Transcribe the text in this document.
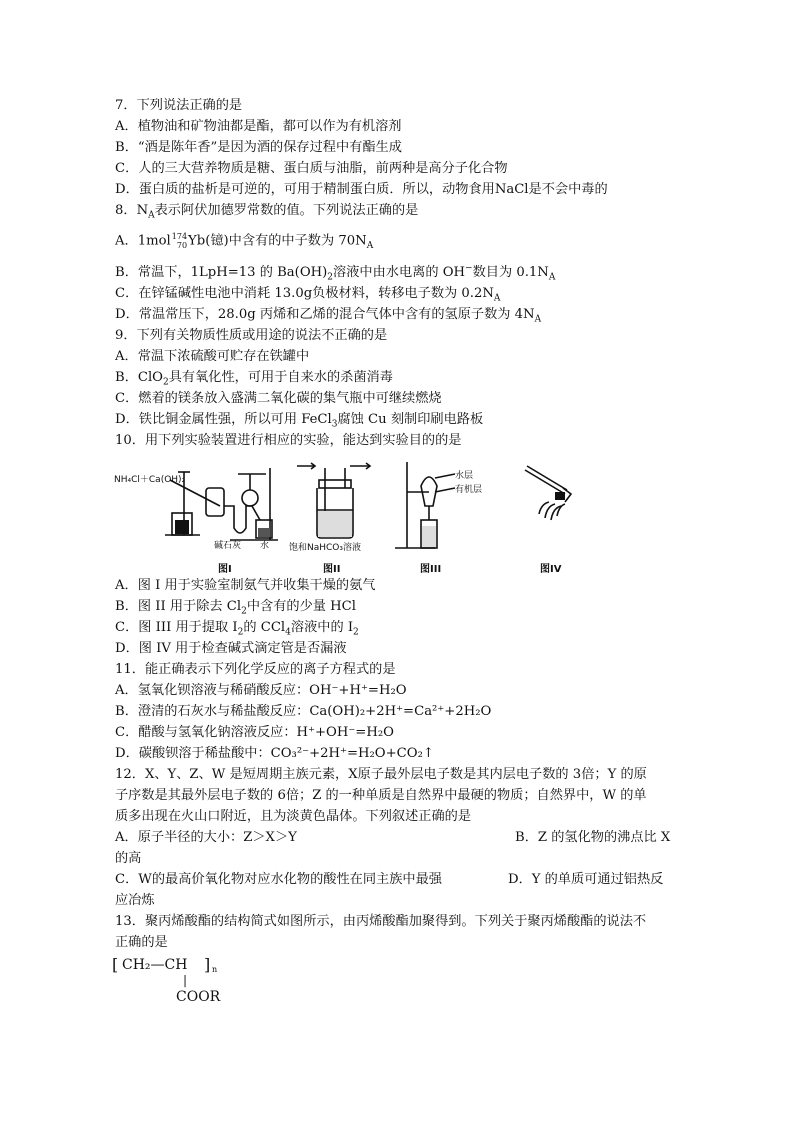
7．下列说法正确的是
A．植物油和矿物油都是酯，都可以作为有机溶剂
B．“酒是陈年香”是因为酒的保存过程中有酯生成
C．人的三大营养物质是糖、蛋白质与油脂，前两种是高分子化合物
D．蛋白质的盐析是可逆的，可用于精制蛋白质．所以，动物食用NaCl是不会中毒的
8．$N_A$表示阿伏加德罗常数的值。下列说法正确的是
A．1mol 174
70 Yb(镱)中含有的中子数为 $70N_A$
B．常温下，1LpH=13 的 $Ba(OH)_2$溶液中由水电离的 OH−数目为 $0.1N_A$
C．在锌锰碱性电池中消耗 13.0g负极材料，转移电子数为 $0.2N_A$
D．常温常压下，28.0g 丙烯和乙烯的混合气体中含有的氢原子数为 $4N_A$
9．下列有关物质性质或用途的说法不正确的是
A．常温下浓硫酸可贮存在铁罐中
B．ClO$_2$具有氧化性，可用于自来水的杀菌消毒
C．燃着的镁条放入盛满二氧化碳的集气瓶中可继续燃烧
D．铁比铜金属性强，所以可用 FeCl$_3$腐蚀 Cu 刻制印刷电路板
10．用下列实验装置进行相应的实验，能达到实验目的的是
NH₄Cl＋Ca(OH)₂
碱石灰 水
图I
饱和NaHCO₃溶液
图II
水层
有机层
图III	图IV
A．图 I 用于实验室制氨气并收集干燥的氨气
B．图 II 用于除去 $Cl_2$中含有的少量 HCl
C．图 III 用于提取 $I_2$的 CCl$_4$溶液中的 $I_2$
D．图 IV 用于检查碱式滴定管是否漏液
11．能正确表示下列化学反应的离子方程式的是
A．氢氧化钡溶液与稀硝酸反应：OH⁻+H⁺=H₂O
B．澄清的石灰水与稀盐酸反应：Ca(OH)₂+2H⁺=Ca²⁺+2H₂O
C．醋酸与氢氧化钠溶液反应：H⁺+OH⁻=H₂O
D．碳酸钡溶于稀盐酸中：CO₃²⁻+2H⁺=H₂O+CO₂↑
12．X、Y、Z、W 是短周期主族元素，X原子最外层电子数是其内层电子数的 3倍；Y 的原
子序数是其最外层电子数的 6倍；Z 的一种单质是自然界中最硬的物质；自然界中，W 的单
质多出现在火山口附近，且为淡黄色晶体。下列叙述正确的是
A．原子半径的大小：Z＞X＞Y	B．Z 的氢化物的沸点比 X
的高
C．W的最高价氧化物对应水化物的酸性在同主族中最强	D．Y 的单质可通过铝热反
应冶炼
13．聚丙烯酸酯的结构简式如图所示，由丙烯酸酯加聚得到。下列关于聚丙烯酸酯的说法不
正确的是
[ CH₂—CH ] n
|
COOR
